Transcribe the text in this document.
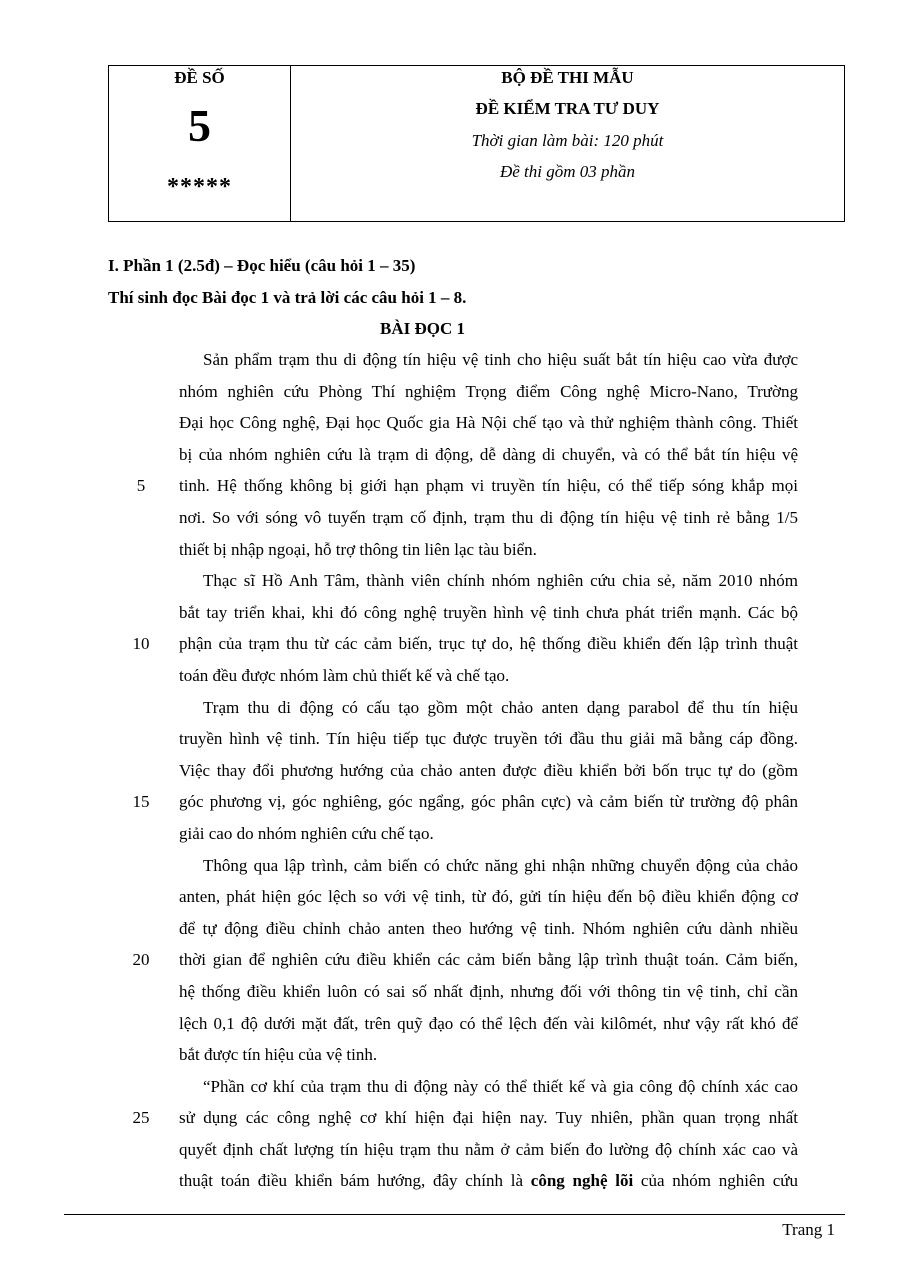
ĐỀ SỐ
5
*****
BỘ ĐỀ THI MẪU
ĐỀ KIỂM TRA TƯ DUY
Thời gian làm bài: 120 phút
Đề thi gồm 03 phần
I. Phần 1 (2.5đ) – Đọc hiểu (câu hỏi 1 – 35)
Thí sinh đọc Bài đọc 1 và trả lời các câu hỏi 1 – 8.
BÀI ĐỌC 1
Sản phẩm trạm thu di động tín hiệu vệ tinh cho hiệu suất bắt tín hiệu cao vừa được
nhóm nghiên cứu Phòng Thí nghiệm Trọng điểm Công nghệ Micro-Nano, Trường
Đại học Công nghệ, Đại học Quốc gia Hà Nội chế tạo và thử nghiệm thành công. Thiết
bị của nhóm nghiên cứu là trạm di động, dễ dàng di chuyển, và có thể bắt tín hiệu vệ
tinh. Hệ thống không bị giới hạn phạm vi truyền tín hiệu, có thể tiếp sóng khắp mọi
nơi. So với sóng vô tuyến trạm cố định, trạm thu di động tín hiệu vệ tinh rẻ bằng 1/5
thiết bị nhập ngoại, hỗ trợ thông tin liên lạc tàu biển.
Thạc sĩ Hồ Anh Tâm, thành viên chính nhóm nghiên cứu chia sẻ, năm 2010 nhóm
bắt tay triển khai, khi đó công nghệ truyền hình vệ tinh chưa phát triển mạnh. Các bộ
phận của trạm thu từ các cảm biến, trục tự do, hệ thống điều khiển đến lập trình thuật
toán đều được nhóm làm chủ thiết kế và chế tạo.
Trạm thu di động có cấu tạo gồm một chảo anten dạng parabol để thu tín hiệu
truyền hình vệ tinh. Tín hiệu tiếp tục được truyền tới đầu thu giải mã bằng cáp đồng.
Việc thay đổi phương hướng của chảo anten được điều khiển bởi bốn trục tự do (gồm
góc phương vị, góc nghiêng, góc ngẩng, góc phân cực) và cảm biến từ trường độ phân
giải cao do nhóm nghiên cứu chế tạo.
Thông qua lập trình, cảm biến có chức năng ghi nhận những chuyển động của chảo
anten, phát hiện góc lệch so với vệ tinh, từ đó, gửi tín hiệu đến bộ điều khiển động cơ
để tự động điều chỉnh chảo anten theo hướng vệ tinh. Nhóm nghiên cứu dành nhiều
thời gian để nghiên cứu điều khiển các cảm biến bằng lập trình thuật toán. Cảm biến,
hệ thống điều khiển luôn có sai số nhất định, nhưng đối với thông tin vệ tinh, chỉ cần
lệch 0,1 độ dưới mặt đất, trên quỹ đạo có thể lệch đến vài kilômét, như vậy rất khó để
bắt được tín hiệu của vệ tinh.
“Phần cơ khí của trạm thu di động này có thể thiết kế và gia công độ chính xác cao
sử dụng các công nghệ cơ khí hiện đại hiện nay. Tuy nhiên, phần quan trọng nhất
quyết định chất lượng tín hiệu trạm thu nằm ở cảm biến đo lường độ chính xác cao và
thuật toán điều khiển bám hướng, đây chính là công nghệ lõi của nhóm nghiên cứu
5
10
15
20
25
Trang 1
